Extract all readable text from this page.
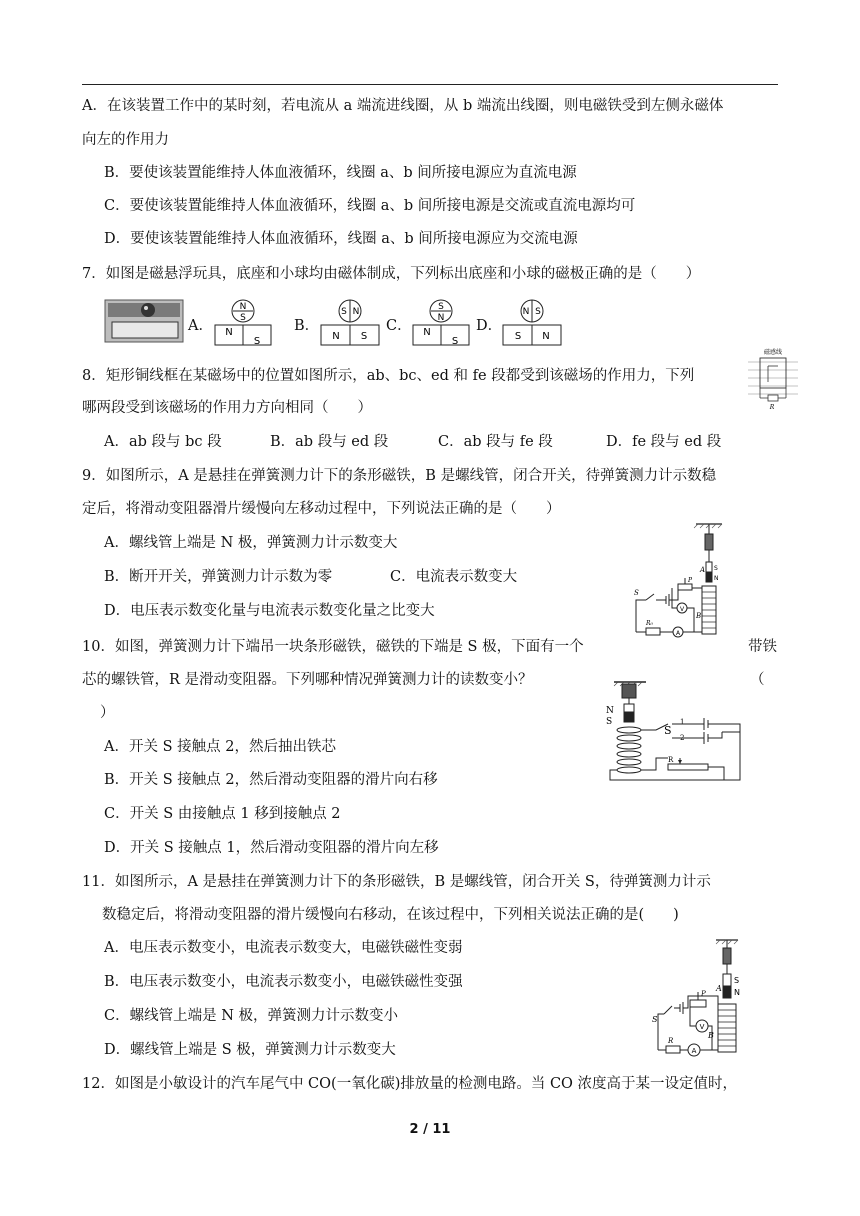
A．在该装置工作中的某时刻，若电流从 a 端流进线圈，从 b 端流出线圈，则电磁铁受到左侧永磁体
向左的作用力
B．要使该装置能维持人体血液循环，线圈 a、b 间所接电源应为直流电源
C．要使该装置能维持人体血液循环，线圈 a、b 间所接电源是交流或直流电源均可
D．要使该装置能维持人体血液循环，线圈 a、b 间所接电源应为交流电源
7．如图是磁悬浮玩具，底座和小球均由磁体制成，下列标出底座和小球的磁极正确的是（　　）
A．
N
S
N
S
B．
S N
N S
C．
S
N
N
S
D．
N S
S N
8．矩形铜线框在某磁场中的位置如图所示，ab、bc、ed 和 fe 段都受到该磁场的作用力，下列
哪两段受到该磁场的作用力方向相同（　　）
磁感线
R
A．ab 段与 bc 段	B．ab 段与 ed 段	C．ab 段与 fe 段	D．fe 段与 ed 段
9．如图所示，A 是悬挂在弹簧测力计下的条形磁铁，B 是螺线管，闭合开关，待弹簧测力计示数稳
定后，将滑动变阻器滑片缓慢向左移动过程中，下列说法正确的是（　　）
A．螺线管上端是 N 极，弹簧测力计示数变大
B．断开开关，弹簧测力计示数为零	C．电流表示数变大
D．电压表示数变化量与电流表示数变化量之比变大
A S
N
B
S
P
V
R₀
A
10．如图，弹簧测力计下端吊一块条形磁铁，磁铁的下端是 S 极，下面有一个	带铁
芯的螺铁管，R 是滑动变阻器。下列哪种情况弹簧测力计的读数变小？	（
）
A．开关 S 接触点 2，然后抽出铁芯
B．开关 S 接触点 2，然后滑动变阻器的滑片向右移
C．开关 S 由接触点 1 移到接触点 2
D．开关 S 接触点 1，然后滑动变阻器的滑片向左移
N
S
S
1
2
R
11．如图所示，A 是悬挂在弹簧测力计下的条形磁铁，B 是螺线管，闭合开关 S，待弹簧测力计示
数稳定后，将滑动变阻器的滑片缓慢向右移动，在该过程中，下列相关说法正确的是(　　)
A．电压表示数变小，电流表示数变大，电磁铁磁性变弱
B．电压表示数变小，电流表示数变小，电磁铁磁性变强
C．螺线管上端是 N 极，弹簧测力计示数变小
D．螺线管上端是 S 极，弹簧测力计示数变大
S
N
A
B
S
P
V
R
A
12．如图是小敏设计的汽车尾气中 CO(一氧化碳)排放量的检测电路。当 CO 浓度高于某一设定值时，
2 / 11
